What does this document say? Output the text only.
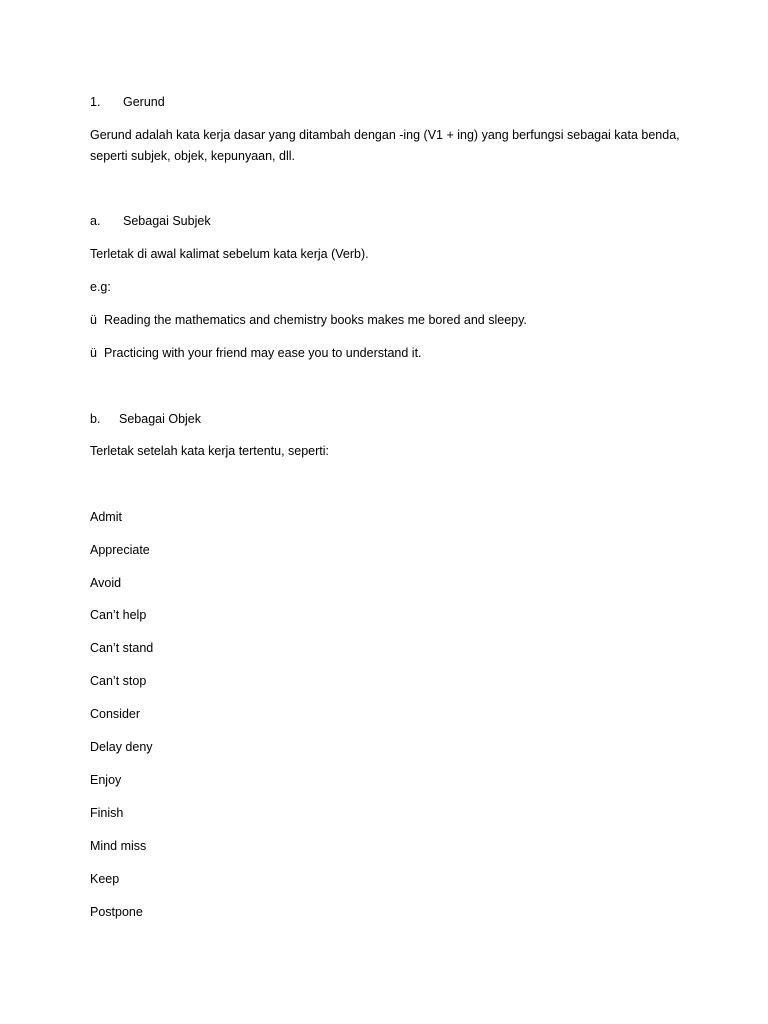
1. Gerund
Gerund adalah kata kerja dasar yang ditambah dengan -ing (V1 + ing) yang berfungsi sebagai kata benda,
seperti subjek, objek, kepunyaan, dll.
a. Sebagai Subjek
Terletak di awal kalimat sebelum kata kerja (Verb).
e.g:
ü Reading the mathematics and chemistry books makes me bored and sleepy.
ü Practicing with your friend may ease you to understand it.
b. Sebagai Objek
Terletak setelah kata kerja tertentu, seperti:
Admit
Appreciate
Avoid
Can’t help
Can’t stand
Can’t stop
Consider
Delay deny
Enjoy
Finish
Mind miss
Keep
Postpone
